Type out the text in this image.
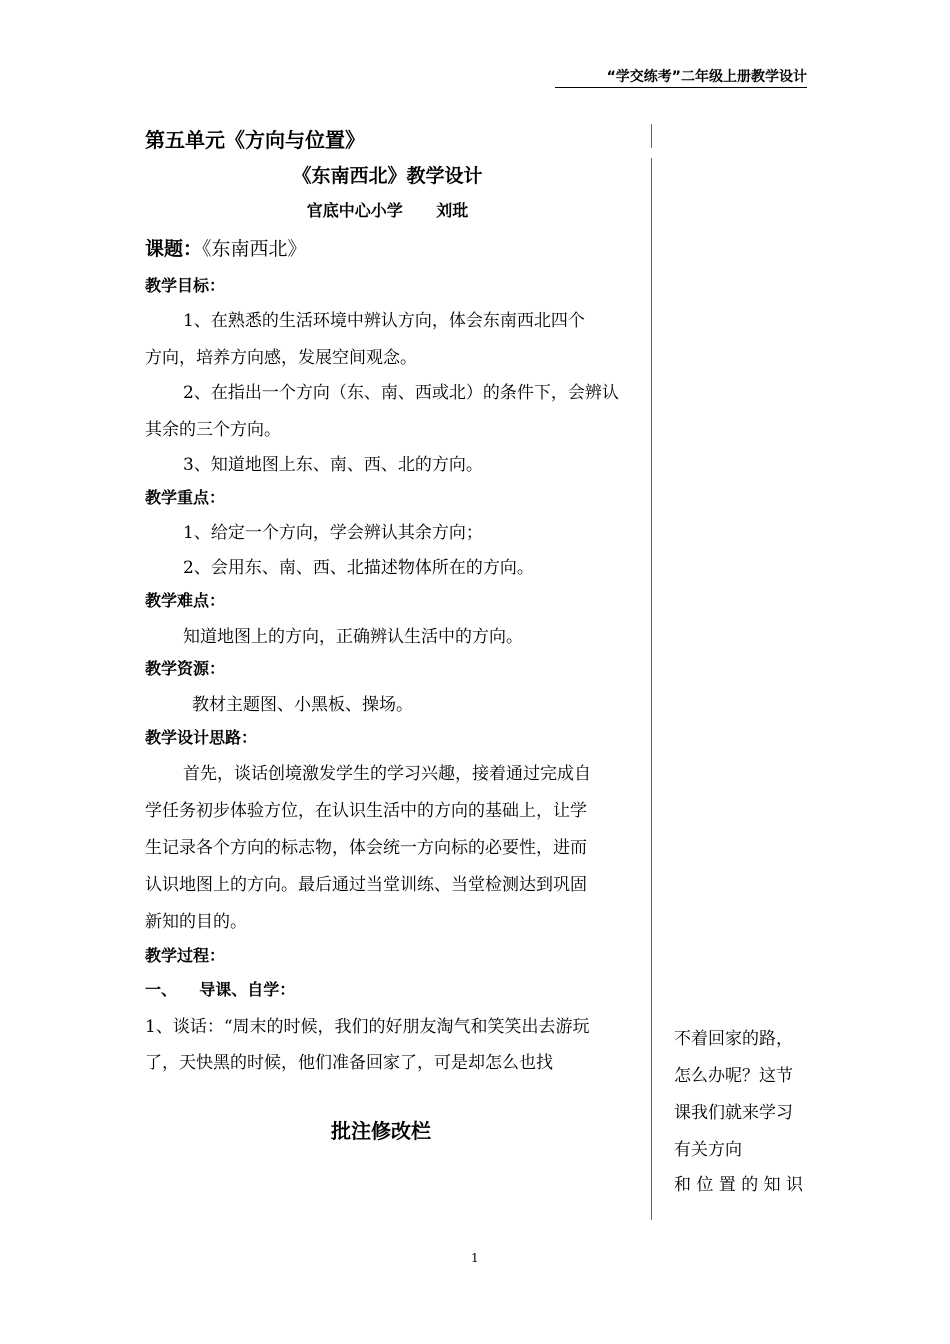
“学交练考”二年级上册教学设计
第五单元《方向与位置》
《东南西北》教学设计
官底中心小学      刘玭
课题：《东南西北》
教学目标：
1、在熟悉的生活环境中辨认方向，体会东南西北四个
方向，培养方向感，发展空间观念。
2、在指出一个方向（东、南、西或北）的条件下，会辨认
其余的三个方向。
3、知道地图上东、南、西、北的方向。
教学重点：
1、给定一个方向，学会辨认其余方向；
2、会用东、南、西、北描述物体所在的方向。
教学难点：
知道地图上的方向，正确辨认生活中的方向。
教学资源：
教材主题图、小黑板、操场。
教学设计思路：
首先，谈话创境激发学生的学习兴趣，接着通过完成自
学任务初步体验方位，在认识生活中的方向的基础上，让学
生记录各个方向的标志物，体会统一方向标的必要性，进而
认识地图上的方向。最后通过当堂训练、当堂检测达到巩固
新知的目的。
教学过程：
一、    导课、自学：
1、谈话：“周末的时候，我们的好朋友淘气和笑笑出去游玩
了，天快黑的时候，他们准备回家了，可是却怎么也找
批注修改栏
不着回家的路，
怎么办呢？这节
课我们就来学习
有关方向
和 位 置 的 知 识
1
